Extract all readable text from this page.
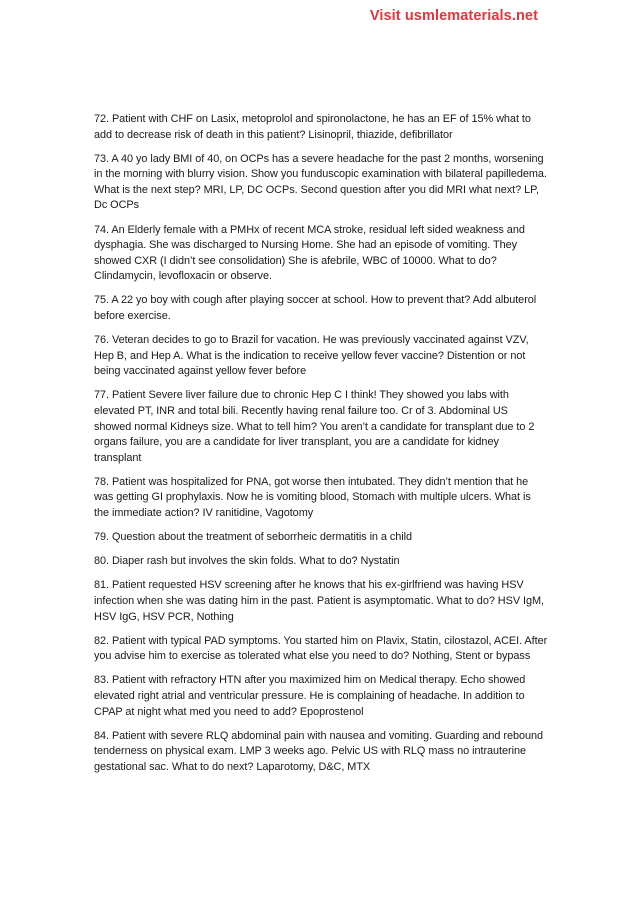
Visit usmlematerials.net

72. Patient with CHF on Lasix, metoprolol and spironolactone, he has an EF of 15% what to add to decrease risk of death in this patient? Lisinopril, thiazide, defibrillator

73. A 40 yo lady BMI of 40, on OCPs has a severe headache for the past 2 months, worsening in the morning with blurry vision. Show you funduscopic examination with bilateral papilledema. What is the next step? MRI, LP, DC OCPs. Second question after you did MRI what next? LP, Dc OCPs

74. An Elderly female with a PMHx of recent MCA stroke, residual left sided weakness and dysphagia. She was discharged to Nursing Home. She had an episode of vomiting. They showed CXR (I didn’t see consolidation) She is afebrile, WBC of 10000. What to do? Clindamycin, levofloxacin or observe.

75. A 22 yo boy with cough after playing soccer at school. How to prevent that? Add albuterol before exercise.

76. Veteran decides to go to Brazil for vacation. He was previously vaccinated against VZV, Hep B, and Hep A. What is the indication to receive yellow fever vaccine? Distention or not being vaccinated against yellow fever before

77. Patient Severe liver failure due to chronic Hep C I think! They showed you labs with elevated PT, INR and total bili. Recently having renal failure too. Cr of 3. Abdominal US showed normal Kidneys size. What to tell him? You aren’t a candidate for transplant due to 2 organs failure, you are a candidate for liver transplant, you are a candidate for kidney transplant

78. Patient was hospitalized for PNA, got worse then intubated. They didn’t mention that he was getting GI prophylaxis. Now he is vomiting blood, Stomach with multiple ulcers. What is the immediate action? IV ranitidine, Vagotomy

79. Question about the treatment of seborrheic dermatitis in a child

80. Diaper rash but involves the skin folds. What to do? Nystatin

81. Patient requested HSV screening after he knows that his ex-girlfriend was having HSV infection when she was dating him in the past. Patient is asymptomatic. What to do? HSV IgM, HSV IgG, HSV PCR, Nothing

82. Patient with typical PAD symptoms. You started him on Plavix, Statin, cilostazol, ACEI. After you advise him to exercise as tolerated what else you need to do? Nothing, Stent or bypass

83. Patient with refractory HTN after you maximized him on Medical therapy. Echo showed elevated right atrial and ventricular pressure. He is complaining of headache. In addition to CPAP at night what med you need to add? Epoprostenol

84. Patient with severe RLQ abdominal pain with nausea and vomiting. Guarding and rebound tenderness on physical exam. LMP 3 weeks ago. Pelvic US with RLQ mass no intrauterine gestational sac. What to do next? Laparotomy, D&C, MTX
